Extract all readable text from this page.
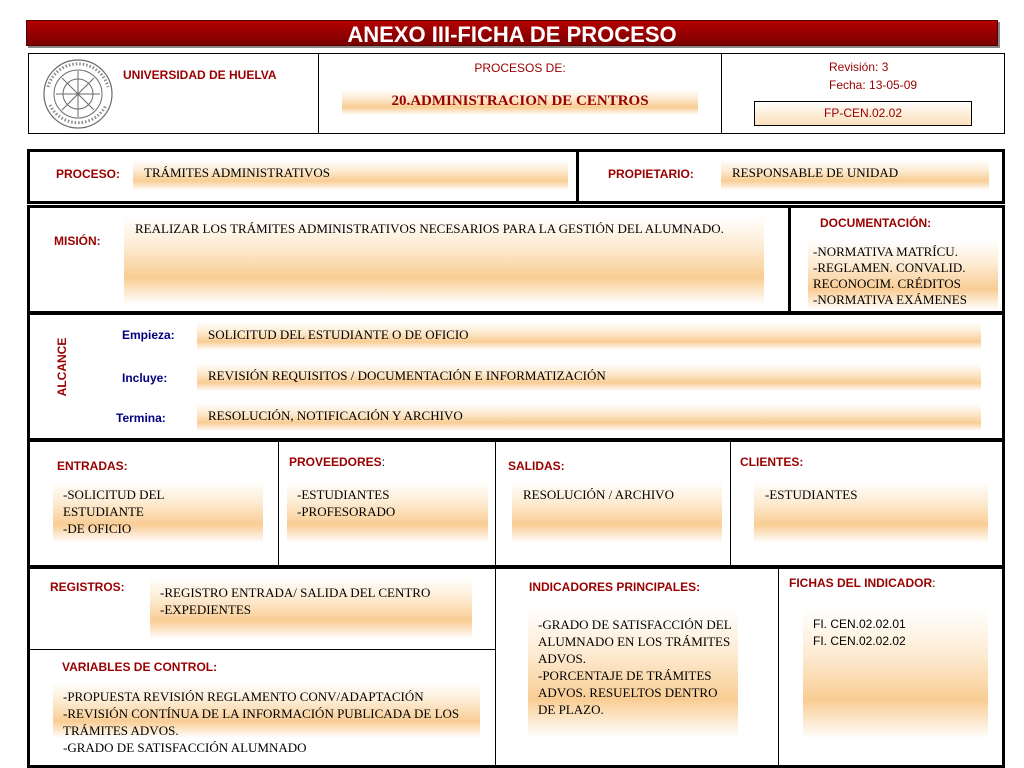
ANEXO III-FICHA DE PROCESO
UNIVERSIDAD DE HUELVA	PROCESOS DE:
20.ADMINISTRACION DE CENTROS
Revisión: 3
Fecha: 13-05-09
FP-CEN.02.02
PROCESO: TRÁMITES ADMINISTRATIVOS	PROPIETARIO:	RESPONSABLE DE UNIDAD
MISIÓN:
REALIZAR LOS TRÁMITES ADMINISTRATIVOS NECESARIOS PARA LA GESTIÓN DEL ALUMNADO.	DOCUMENTACIÓN:
-NORMATIVA MATRÍCU.
-REGLAMEN. CONVALID. RECONOCIM. CRÉDITOS
-NORMATIVA EXÁMENES
ALCANCE
Empieza:	SOLICITUD DEL ESTUDIANTE O DE OFICIO
Incluye:	REVISIÓN REQUISITOS / DOCUMENTACIÓN E INFORMATIZACIÓN
Termina:	RESOLUCIÓN, NOTIFICACIÓN Y ARCHIVO
ENTRADAS:
-SOLICITUD DEL ESTUDIANTE
-DE OFICIO
PROVEEDORES:
-ESTUDIANTES
-PROFESORADO
SALIDAS:
RESOLUCIÓN / ARCHIVO
CLIENTES:
-ESTUDIANTES
REGISTROS:	-REGISTRO ENTRADA/ SALIDA DEL CENTRO
-EXPEDIENTES
INDICADORES PRINCIPALES:
-GRADO DE SATISFACCIÓN DEL ALUMNADO EN LOS TRÁMITES ADVOS.
-PORCENTAJE DE TRÁMITES ADVOS. RESUELTOS DENTRO DE PLAZO.
FICHAS DEL INDICADOR:
FI. CEN.02.02.01
FI. CEN.02.02.02
VARIABLES DE CONTROL:
-PROPUESTA REVISIÓN REGLAMENTO CONV/ADAPTACIÓN
-REVISIÓN CONTÍNUA DE LA INFORMACIÓN PUBLICADA DE LOS TRÁMITES ADVOS.
-GRADO DE SATISFACCIÓN ALUMNADO
